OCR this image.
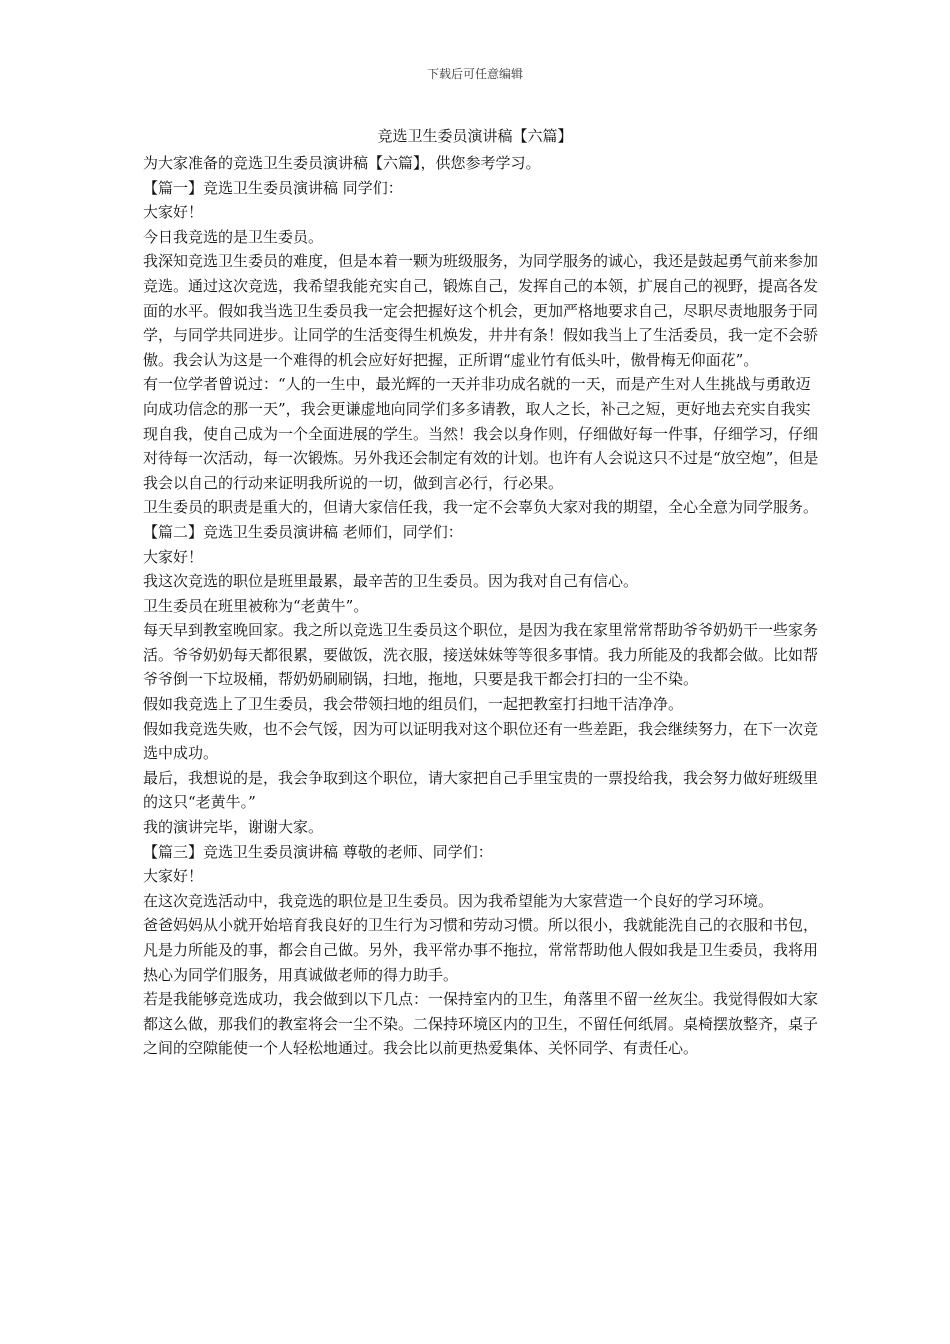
下载后可任意编辑
竞选卫生委员演讲稿【六篇】

为大家准备的竞选卫生委员演讲稿【六篇】，供您参考学习。

【篇一】竞选卫生委员演讲稿 同学们：

大家好！

今日我竞选的是卫生委员。

我深知竞选卫生委员的难度，但是本着一颗为班级服务，为同学服务的诚心，我还是鼓起勇气前来参加竞选。通过这次竞选，我希望我能充实自己，锻炼自己，发挥自己的本领，扩展自己的视野，提高各发面的水平。假如我当选卫生委员我一定会把握好这个机会，更加严格地要求自己，尽职尽责地服务于同学，与同学共同进步。让同学的生活变得生机焕发，井井有条！假如我当上了生活委员，我一定不会骄傲。我会认为这是一个难得的机会应好好把握，正所谓“虚业竹有低头叶，傲骨梅无仰面花”。

有一位学者曾说过：“人的一生中，最光辉的一天并非功成名就的一天，而是产生对人生挑战与勇敢迈向成功信念的那一天”，我会更谦虚地向同学们多多请教，取人之长，补己之短，更好地去充实自我实现自我，使自己成为一个全面进展的学生。当然！我会以身作则，仔细做好每一件事，仔细学习，仔细对待每一次活动，每一次锻炼。另外我还会制定有效的计划。也许有人会说这只不过是“放空炮”，但是我会以自己的行动来证明我所说的一切，做到言必行，行必果。

卫生委员的职责是重大的，但请大家信任我，我一定不会辜负大家对我的期望，全心全意为同学服务。

【篇二】竞选卫生委员演讲稿 老师们，同学们：

大家好！

我这次竞选的职位是班里最累，最辛苦的卫生委员。因为我对自己有信心。

卫生委员在班里被称为“老黄牛”。

每天早到教室晚回家。我之所以竞选卫生委员这个职位，是因为我在家里常常帮助爷爷奶奶干一些家务活。爷爷奶奶每天都很累，要做饭，洗衣服，接送妹妹等等很多事情。我力所能及的我都会做。比如帮爷爷倒一下垃圾桶，帮奶奶刷刷锅，扫地，拖地，只要是我干都会打扫的一尘不染。

假如我竞选上了卫生委员，我会带领扫地的组员们，一起把教室打扫地干洁净净。

假如我竞选失败，也不会气馁，因为可以证明我对这个职位还有一些差距，我会继续努力，在下一次竞选中成功。

最后，我想说的是，我会争取到这个职位，请大家把自己手里宝贵的一票投给我，我会努力做好班级里的这只“老黄牛。”

我的演讲完毕，谢谢大家。

【篇三】竞选卫生委员演讲稿 尊敬的老师、同学们：

大家好！

在这次竞选活动中，我竞选的职位是卫生委员。因为我希望能为大家营造一个良好的学习环境。

爸爸妈妈从小就开始培育我良好的卫生行为习惯和劳动习惯。所以很小，我就能洗自己的衣服和书包，凡是力所能及的事，都会自己做。另外，我平常办事不拖拉，常常帮助他人假如我是卫生委员，我将用热心为同学们服务，用真诚做老师的得力助手。

若是我能够竞选成功，我会做到以下几点：一保持室内的卫生，角落里不留一丝灰尘。我觉得假如大家都这么做，那我们的教室将会一尘不染。二保持环境区内的卫生，不留任何纸屑。桌椅摆放整齐，桌子之间的空隙能使一个人轻松地通过。我会比以前更热爱集体、关怀同学、有责任心。
